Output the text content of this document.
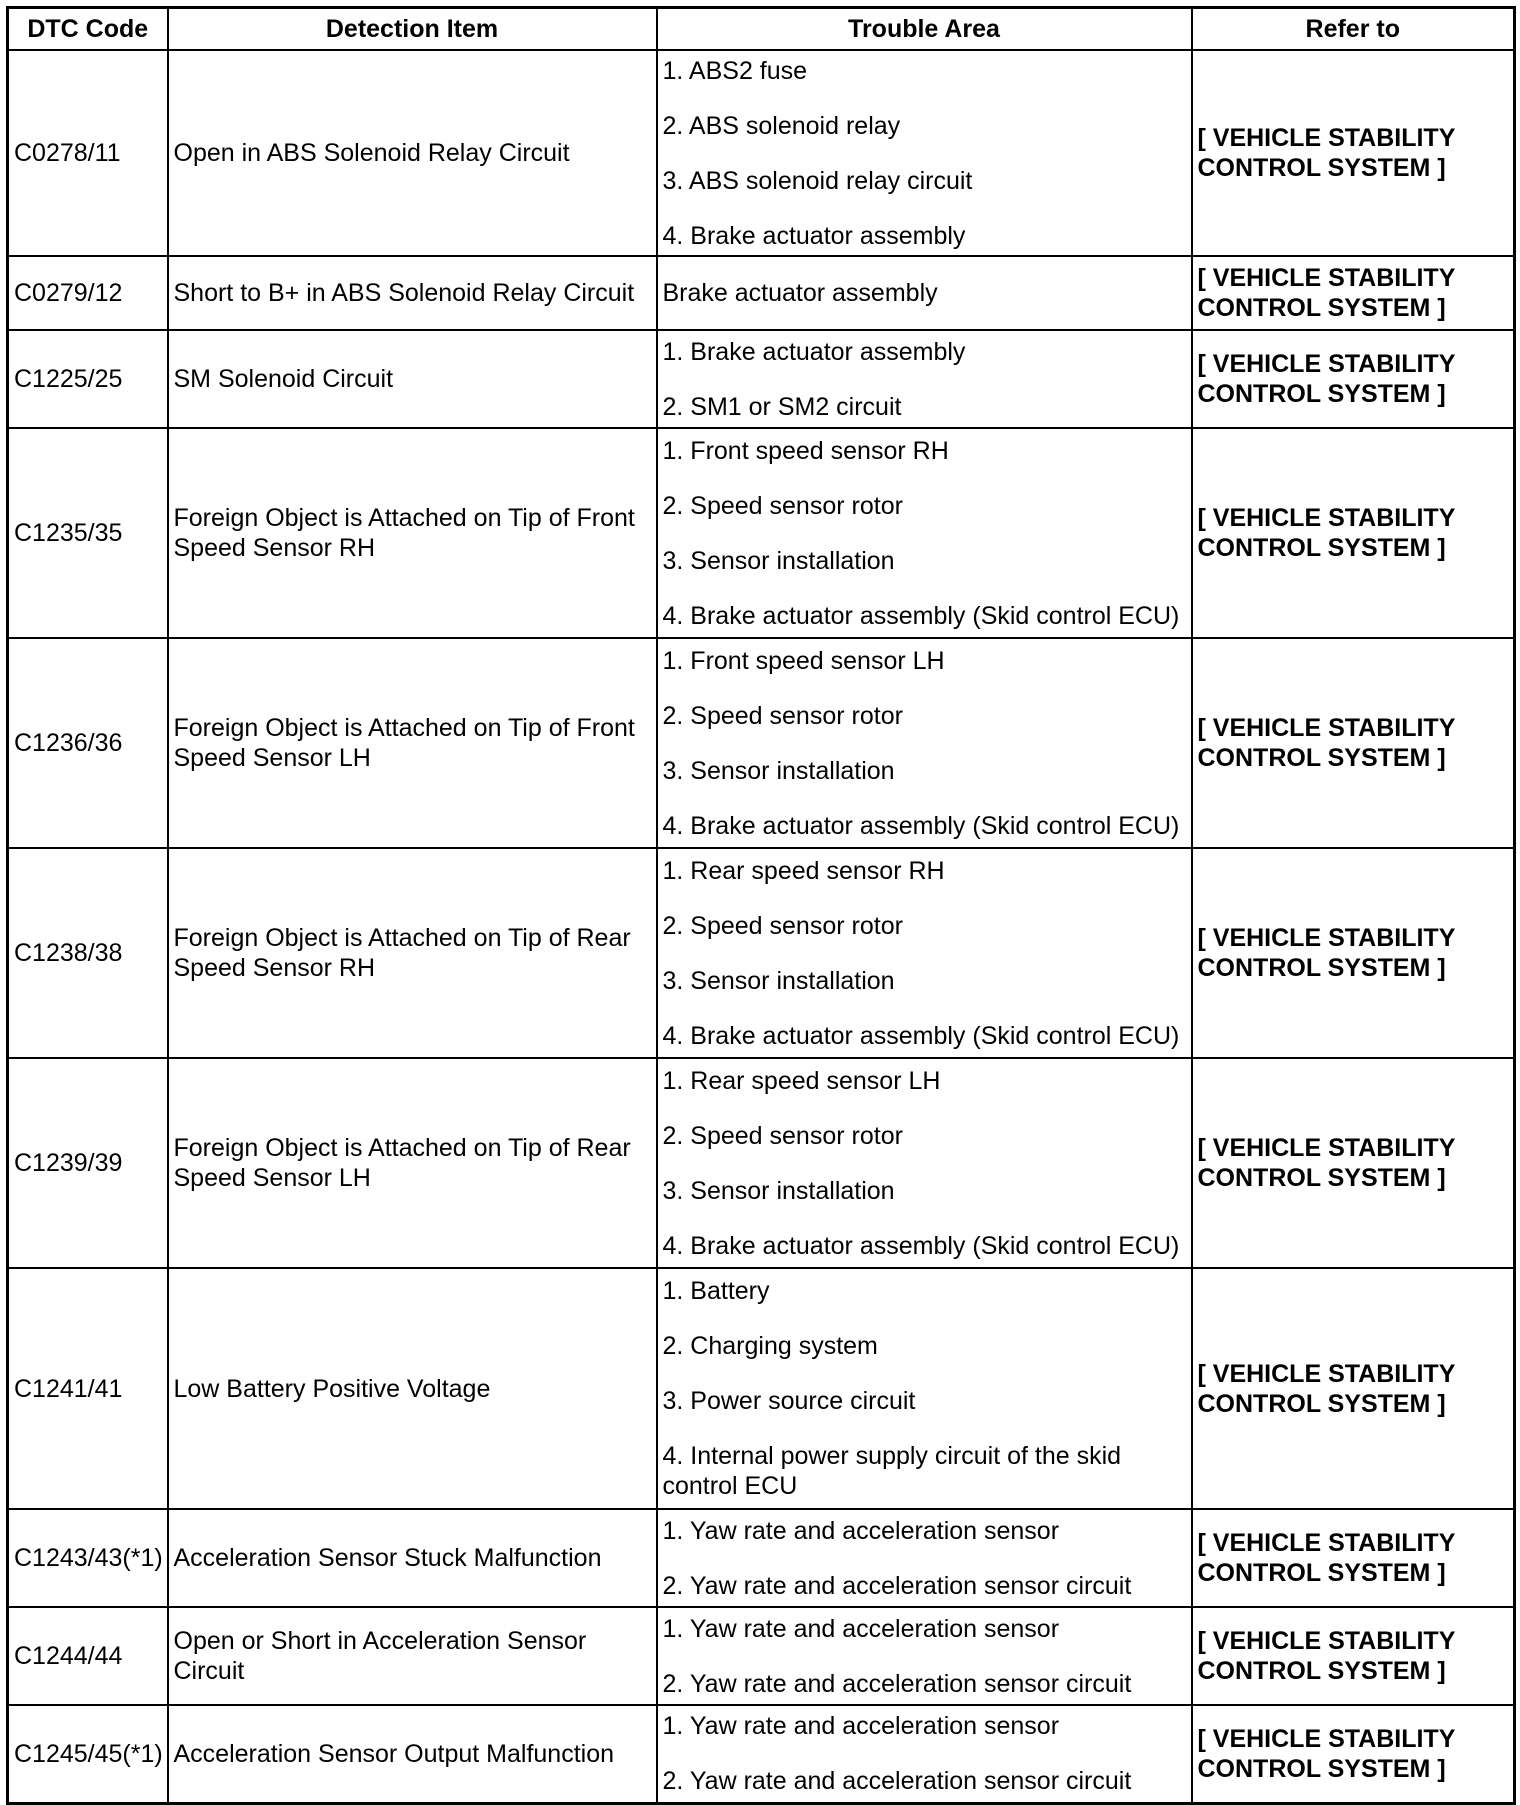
DTC Code	Detection Item	Trouble Area	Refer to
C0278/11	Open in ABS Solenoid Relay Circuit	1. ABS2 fuse
2. ABS solenoid relay
3. ABS solenoid relay circuit
4. Brake actuator assembly	[ VEHICLE STABILITY CONTROL SYSTEM ]
C0279/12	Short to B+ in ABS Solenoid Relay Circuit	Brake actuator assembly	[ VEHICLE STABILITY CONTROL SYSTEM ]
C1225/25	SM Solenoid Circuit	1. Brake actuator assembly
2. SM1 or SM2 circuit	[ VEHICLE STABILITY CONTROL SYSTEM ]
C1235/35	Foreign Object is Attached on Tip of Front Speed Sensor RH	1. Front speed sensor RH
2. Speed sensor rotor
3. Sensor installation
4. Brake actuator assembly (Skid control ECU)	[ VEHICLE STABILITY CONTROL SYSTEM ]
C1236/36	Foreign Object is Attached on Tip of Front Speed Sensor LH	1. Front speed sensor LH
2. Speed sensor rotor
3. Sensor installation
4. Brake actuator assembly (Skid control ECU)	[ VEHICLE STABILITY CONTROL SYSTEM ]
C1238/38	Foreign Object is Attached on Tip of Rear Speed Sensor RH	1. Rear speed sensor RH
2. Speed sensor rotor
3. Sensor installation
4. Brake actuator assembly (Skid control ECU)	[ VEHICLE STABILITY CONTROL SYSTEM ]
C1239/39	Foreign Object is Attached on Tip of Rear Speed Sensor LH	1. Rear speed sensor LH
2. Speed sensor rotor
3. Sensor installation
4. Brake actuator assembly (Skid control ECU)	[ VEHICLE STABILITY CONTROL SYSTEM ]
C1241/41	Low Battery Positive Voltage	1. Battery
2. Charging system
3. Power source circuit
4. Internal power supply circuit of the skid control ECU	[ VEHICLE STABILITY CONTROL SYSTEM ]
C1243/43(*1)	Acceleration Sensor Stuck Malfunction	1. Yaw rate and acceleration sensor
2. Yaw rate and acceleration sensor circuit	[ VEHICLE STABILITY CONTROL SYSTEM ]
C1244/44	Open or Short in Acceleration Sensor Circuit	1. Yaw rate and acceleration sensor
2. Yaw rate and acceleration sensor circuit	[ VEHICLE STABILITY CONTROL SYSTEM ]
C1245/45(*1)	Acceleration Sensor Output Malfunction	1. Yaw rate and acceleration sensor
2. Yaw rate and acceleration sensor circuit	[ VEHICLE STABILITY CONTROL SYSTEM ]
